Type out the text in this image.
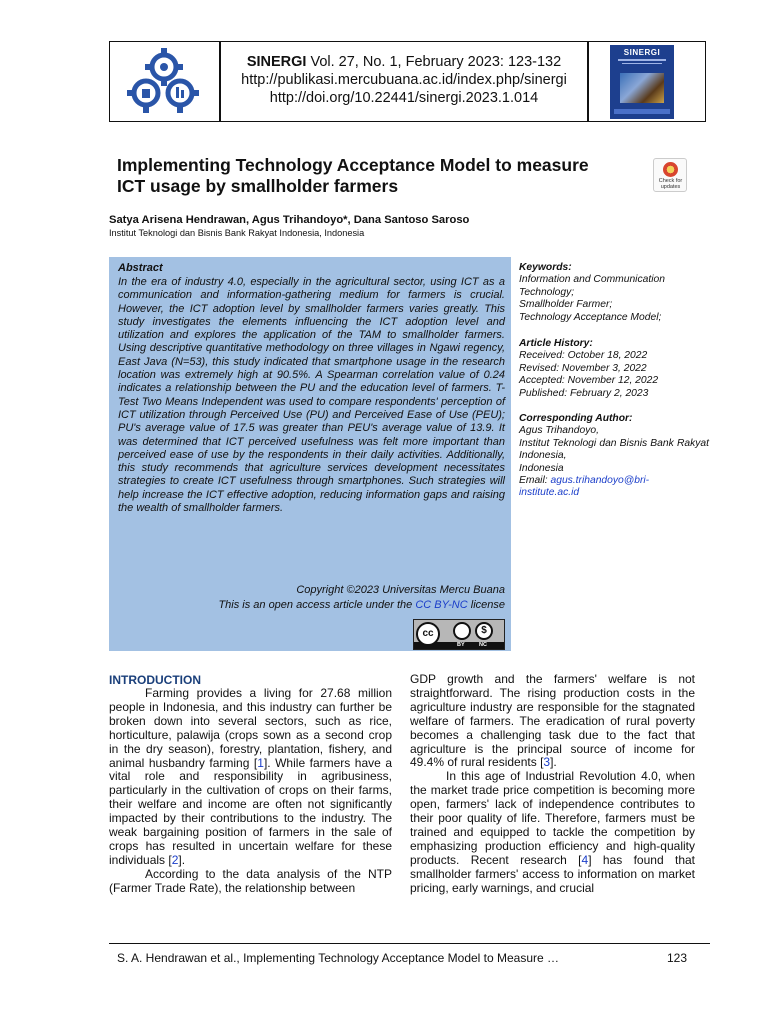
SINERGI Vol. 27, No. 1, February 2023: 123-132
http://publikasi.mercubuana.ac.id/index.php/sinergi
http://doi.org/10.22441/sinergi.2023.1.014
SINERGI
Implementing Technology Acceptance Model to measure
ICT usage by smallholder farmers	Check for updates
Satya Arisena Hendrawan, Agus Trihandoyo*, Dana Santoso Saroso
Institut Teknologi dan Bisnis Bank Rakyat Indonesia, Indonesia
Abstract
In the era of industry 4.0, especially in the agricultural sector, using ICT as a communication and information-gathering medium for farmers is crucial. However, the ICT adoption level by smallholder farmers varies greatly. This study investigates the elements influencing the ICT adoption level and utilization and explores the application of the TAM to smallholder farmers. Using descriptive quantitative methodology on three villages in Ngawi regency, East Java (N=53), this study indicated that smartphone usage in the research location was extremely high at 90.5%. A Spearman correlation value of 0.24 indicates a relationship between the PU and the education level of farmers. T-Test Two Means Independent was used to compare respondents' perception of ICT utilization through Perceived Use (PU) and Perceived Ease of Use (PEU); PU's average value of 17.5 was greater than PEU's average value of 13.9. It was determined that ICT perceived usefulness was felt more important than perceived ease of use by the respondents in their daily activities. Additionally, this study recommends that agriculture services development necessitates strategies to create ICT usefulness through smartphones. Such strategies will help increase the ICT effective adoption, reducing information gaps and raising the wealth of smallholder farmers.
Copyright ©2023 Universitas Mercu Buana
This is an open access article under the CC BY-NC license
cc	$
BY	NC
Keywords:
Information and Communication Technology;
Smallholder Farmer;
Technology Acceptance Model;
Article History:
Received: October 18, 2022
Revised: November 3, 2022
Accepted: November 12, 2022
Published: February 2, 2023
Corresponding Author:
Agus Trihandoyo,
Institut Teknologi dan Bisnis Bank Rakyat Indonesia,
Indonesia
Email: agus.trihandoyo@bri-institute.ac.id
INTRODUCTION

Farming provides a living for 27.68 million people in Indonesia, and this industry can further be broken down into several sectors, such as rice, horticulture, palawija (crops sown as a second crop in the dry season), forestry, plantation, fishery, and animal husbandry farming [1]. While farmers have a vital role and responsibility in agribusiness, particularly in the cultivation of crops on their farms, their welfare and income are often not significantly impacted by their contributions to the industry. The weak bargaining position of farmers in the sale of crops has resulted in uncertain welfare for these individuals [2].

According to the data analysis of the NTP (Farmer Trade Rate), the relationship between

GDP growth and the farmers' welfare is not straightforward. The rising production costs in the agriculture industry are responsible for the stagnated welfare of farmers. The eradication of rural poverty becomes a challenging task due to the fact that agriculture is the principal source of income for 49.4% of rural residents [3].

In this age of Industrial Revolution 4.0, when the market trade price competition is becoming more open, farmers' lack of independence contributes to their poor quality of life. Therefore, farmers must be trained and equipped to tackle the competition by emphasizing production efficiency and high-quality products. Recent research [4] has found that smallholder farmers' access to information on market pricing, early warnings, and crucial

S. A. Hendrawan et al., Implementing Technology Acceptance Model to Measure …	123
